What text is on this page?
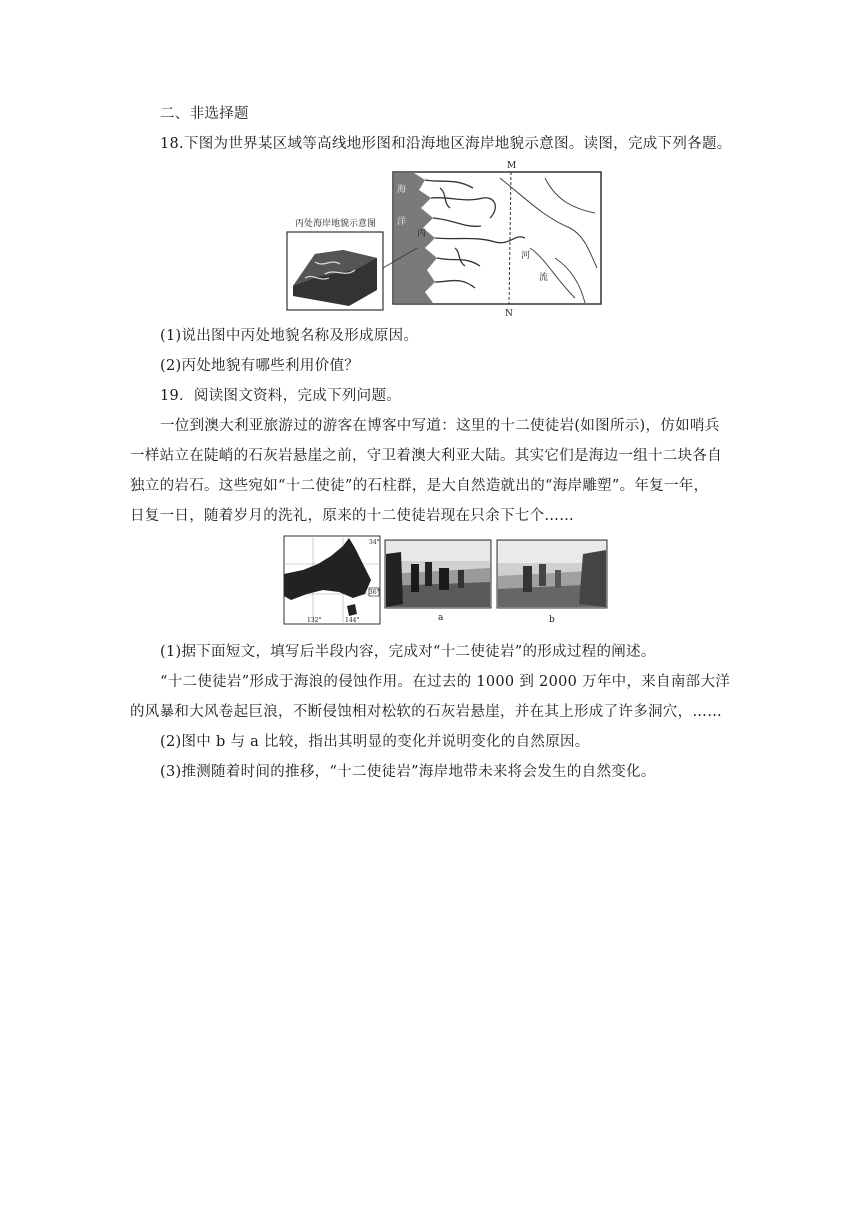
二、非选择题
18.下图为世界某区域等高线地形图和沿海地区海岸地貌示意图。读图，完成下列各题。
丙处海岸地貌示意图
海
洋
丙
河
流
M
N
(1)说出图中丙处地貌名称及形成原因。
(2)丙处地貌有哪些利用价值？
19．阅读图文资料，完成下列问题。
一位到澳大利亚旅游过的游客在博客中写道：这里的十二使徒岩(如图所示)，仿如哨兵
一样站立在陡峭的石灰岩悬崖之前，守卫着澳大利亚大陆。其实它们是海边一组十二块各自
独立的岩石。这些宛如“十二使徒”的石柱群，是大自然造就出的“海岸雕塑”。年复一年，
日复一日，随着岁月的洗礼，原来的十二使徒岩现在只余下七个……
34°
36°
132°	144°	a	b
(1)据下面短文，填写后半段内容，完成对“十二使徒岩”的形成过程的阐述。
“十二使徒岩”形成于海浪的侵蚀作用。在过去的 1000 到 2000 万年中，来自南部大洋
的风暴和大风卷起巨浪，不断侵蚀相对松软的石灰岩悬崖，并在其上形成了许多洞穴，……
(2)图中 b 与 a 比较，指出其明显的变化并说明变化的自然原因。
(3)推测随着时间的推移，“十二使徒岩”海岸地带未来将会发生的自然变化。
